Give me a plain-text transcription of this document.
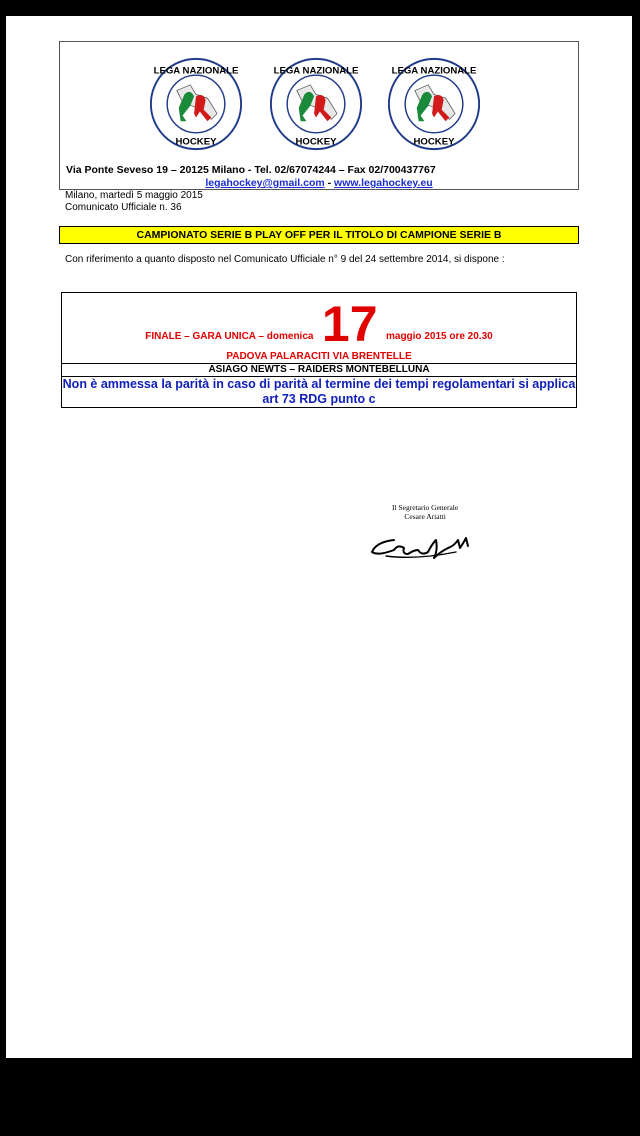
LEGA NAZIONALE
HOCKEY
LEGA NAZIONALE
HOCKEY
LEGA NAZIONALE
HOCKEY
Via Ponte Seveso 19 – 20125 Milano - Tel. 02/67074244 – Fax 02/700437767
legahockey@gmail.com - www.legahockey.eu
Milano, martedì 5 maggio 2015
Comunicato Ufficiale n. 36
CAMPIONATO SERIE B PLAY OFF PER IL TITOLO DI CAMPIONE SERIE B
Con riferimento a quanto disposto nel Comunicato Ufficiale n° 9 del 24 settembre 2014, si dispone :
FINALE – GARA UNICA – domenica 17 maggio 2015 ore 20.30
PADOVA PALARACITI VIA BRENTELLE
ASIAGO NEWTS – RAIDERS MONTEBELLUNA
Non è ammessa la parità in caso di parità al termine dei tempi regolamentari si applica art 73 RDG punto c
Il Segretario Generale
Cesare Ariatti
